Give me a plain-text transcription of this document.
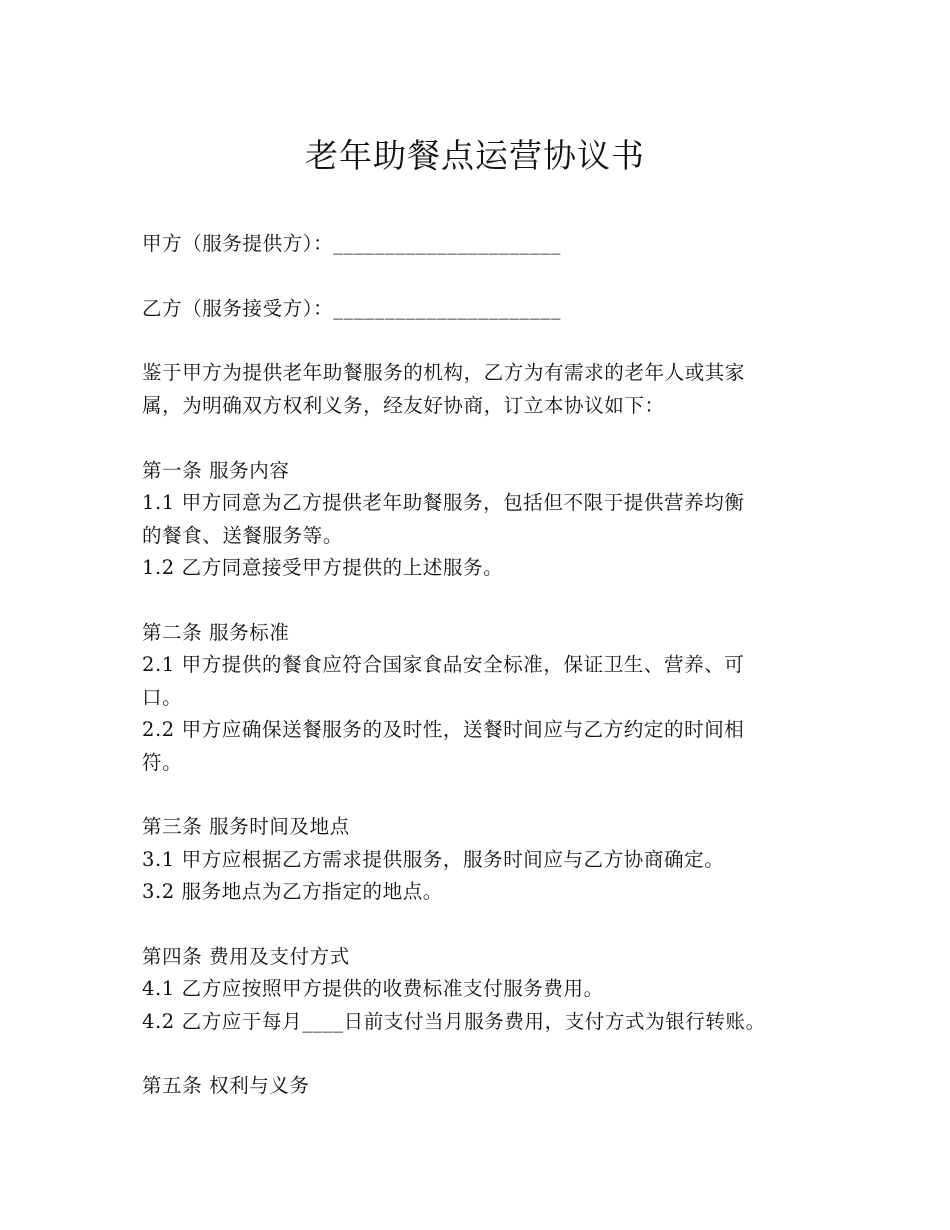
老年助餐点运营协议书
甲方（服务提供方）：______________________
乙方（服务接受方）：______________________
鉴于甲方为提供老年助餐服务的机构，乙方为有需求的老年人或其家
属，为明确双方权利义务，经友好协商，订立本协议如下：
第一条 服务内容
1.1 甲方同意为乙方提供老年助餐服务，包括但不限于提供营养均衡
的餐食、送餐服务等。
1.2 乙方同意接受甲方提供的上述服务。
第二条 服务标准
2.1 甲方提供的餐食应符合国家食品安全标准，保证卫生、营养、可
口。
2.2 甲方应确保送餐服务的及时性，送餐时间应与乙方约定的时间相
符。
第三条 服务时间及地点
3.1 甲方应根据乙方需求提供服务，服务时间应与乙方协商确定。
3.2 服务地点为乙方指定的地点。
第四条 费用及支付方式
4.1 乙方应按照甲方提供的收费标准支付服务费用。
4.2 乙方应于每月____日前支付当月服务费用，支付方式为银行转账。
第五条 权利与义务
